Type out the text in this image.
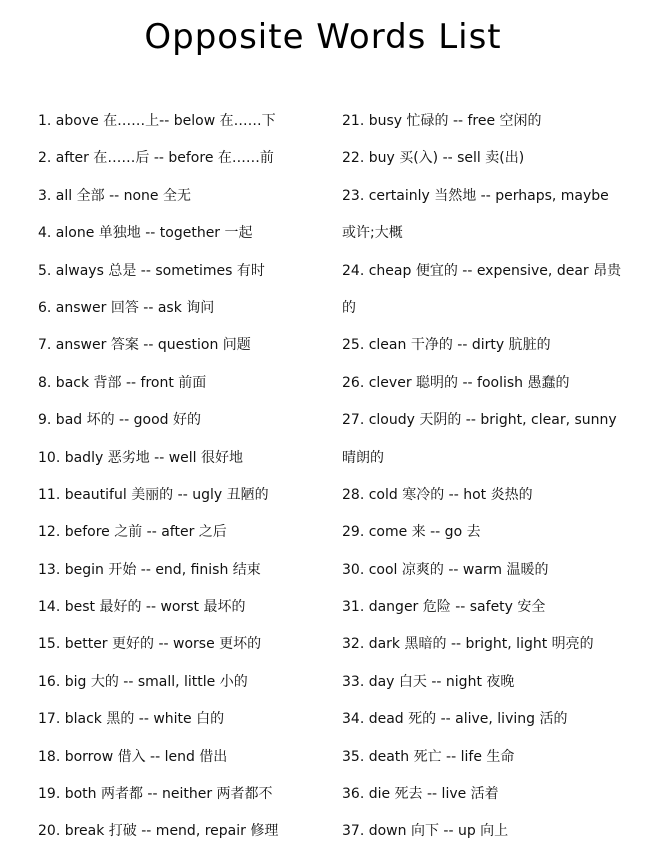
Opposite Words List
1. above 在……上-- below 在……下
2. after 在……后 -- before 在……前
3. all 全部 -- none 全无
4. alone 单独地 -- together 一起
5. always 总是 -- sometimes 有时
6. answer 回答 -- ask 询问
7. answer 答案 -- question 问题
8. back 背部 -- front 前面
9. bad 坏的 -- good 好的
10. badly 恶劣地 -- well 很好地
11. beautiful 美丽的 -- ugly 丑陋的
12. before 之前 -- after 之后
13. begin 开始 -- end, finish 结束
14. best 最好的 -- worst 最坏的
15. better 更好的 -- worse 更坏的
16. big 大的 -- small, little 小的
17. black 黑的 -- white 白的
18. borrow 借入 -- lend 借出
19. both 两者都 -- neither 两者都不
20. break 打破 -- mend, repair 修理
21. busy 忙碌的 -- free 空闲的
22. buy 买(入) -- sell 卖(出)
23. certainly 当然地 -- perhaps, maybe
或许;大概
24. cheap 便宜的 -- expensive, dear 昂贵
的
25. clean 干净的 -- dirty 肮脏的
26. clever 聪明的 -- foolish 愚蠢的
27. cloudy 天阴的 -- bright, clear, sunny
晴朗的
28. cold 寒冷的 -- hot 炎热的
29. come 来 -- go 去
30. cool 凉爽的 -- warm 温暖的
31. danger 危险 -- safety 安全
32. dark 黑暗的 -- bright, light 明亮的
33. day 白天 -- night 夜晚
34. dead 死的 -- alive, living 活的
35. death 死亡 -- life 生命
36. die 死去 -- live 活着
37. down 向下 -- up 向上
